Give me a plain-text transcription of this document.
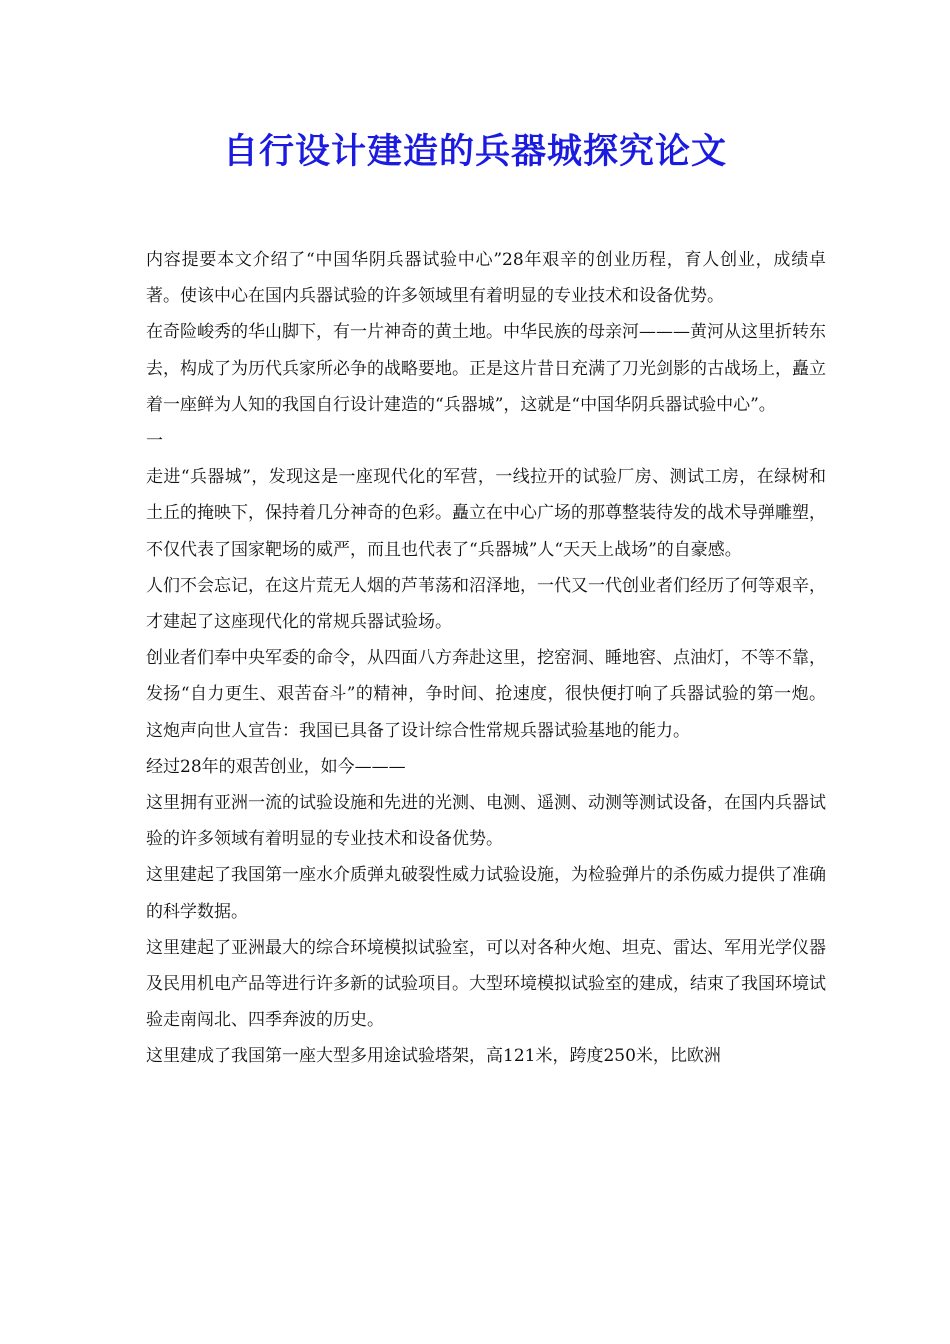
自行设计建造的兵器城探究论文

内容提要本文介绍了“中国华阴兵器试验中心”28年艰辛的创业历程，育人创业，成绩卓著。使该中心在国内兵器试验的许多领域里有着明显的专业技术和设备优势。

在奇险峻秀的华山脚下，有一片神奇的黄土地。中华民族的母亲河———黄河从这里折转东去，构成了为历代兵家所必争的战略要地。正是这片昔日充满了刀光剑影的古战场上，矗立着一座鲜为人知的我国自行设计建造的“兵器城”，这就是“中国华阴兵器试验中心”。

一

走进“兵器城”，发现这是一座现代化的军营，一线拉开的试验厂房、测试工房，在绿树和土丘的掩映下，保持着几分神奇的色彩。矗立在中心广场的那尊整装待发的战术导弹雕塑，不仅代表了国家靶场的威严，而且也代表了“兵器城”人“天天上战场”的自豪感。

人们不会忘记，在这片荒无人烟的芦苇荡和沼泽地，一代又一代创业者们经历了何等艰辛，才建起了这座现代化的常规兵器试验场。

创业者们奉中央军委的命令，从四面八方奔赴这里，挖窑洞、睡地窖、点油灯，不等不靠，发扬“自力更生、艰苦奋斗”的精神，争时间、抢速度，很快便打响了兵器试验的第一炮。这炮声向世人宣告：我国已具备了设计综合性常规兵器试验基地的能力。

经过28年的艰苦创业，如今———

这里拥有亚洲一流的试验设施和先进的光测、电测、遥测、动测等测试设备，在国内兵器试验的许多领域有着明显的专业技术和设备优势。

这里建起了我国第一座水介质弹丸破裂性威力试验设施，为检验弹片的杀伤威力提供了准确的科学数据。

这里建起了亚洲最大的综合环境模拟试验室，可以对各种火炮、坦克、雷达、军用光学仪器及民用机电产品等进行许多新的试验项目。大型环境模拟试验室的建成，结束了我国环境试验走南闯北、四季奔波的历史。

这里建成了我国第一座大型多用途试验塔架，高121米，跨度250米，比欧洲
